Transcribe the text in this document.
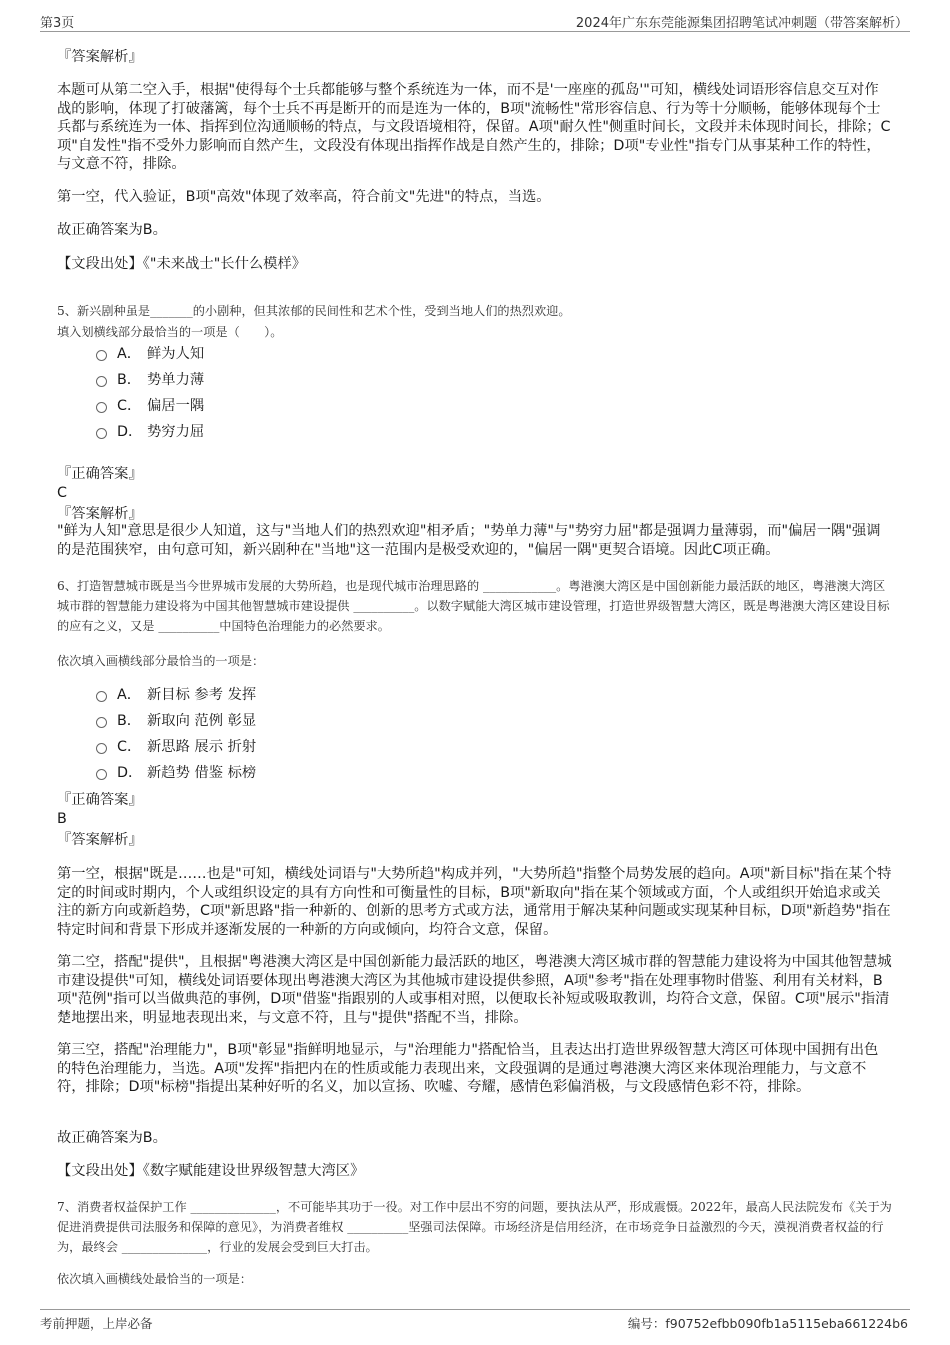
第3页	2024年广东东莞能源集团招聘笔试冲刺题（带答案解析）
『答案解析』
本题可从第二空入手，根据"使得每个士兵都能够与整个系统连为一体，而不是'一座座的孤岛'"可知，横线处词语形容信息交互对作战的影响，体现了打破藩篱，每个士兵不再是断开的而是连为一体的，B项"流畅性"常形容信息、行为等十分顺畅，能够体现每个士兵都与系统连为一体、指挥到位沟通顺畅的特点，与文段语境相符，保留。A项"耐久性"侧重时间长，文段并未体现时间长，排除；C项"自发性"指不受外力影响而自然产生，文段没有体现出指挥作战是自然产生的，排除；D项"专业性"指专门从事某种工作的特性，与文意不符，排除。
第一空，代入验证，B项"高效"体现了效率高，符合前文"先进"的特点，当选。
故正确答案为B。
【文段出处】《"未来战士"长什么模样》
5、新兴剧种虽是_______的小剧种，但其浓郁的民间性和艺术个性，受到当地人们的热烈欢迎。
填入划横线部分最恰当的一项是（　　）。
A． 鲜为人知
B． 势单力薄
C． 偏居一隅
D． 势穷力屈
『正确答案』
C
『答案解析』
"鲜为人知"意思是很少人知道，这与"当地人们的热烈欢迎"相矛盾；"势单力薄"与"势穷力屈"都是强调力量薄弱，而"偏居一隅"强调的是范围狭窄，由句意可知，新兴剧种在"当地"这一范围内是极受欢迎的，"偏居一隅"更契合语境。因此C项正确。
6、打造智慧城市既是当今世界城市发展的大势所趋，也是现代城市治理思路的 ____________。粤港澳大湾区是中国创新能力最活跃的地区，粤港澳大湾区城市群的智慧能力建设将为中国其他智慧城市建设提供 __________。以数字赋能大湾区城市建设管理，打造世界级智慧大湾区，既是粤港澳大湾区建设目标的应有之义，又是 __________中国特色治理能力的必然要求。
依次填入画横线部分最恰当的一项是：
A． 新目标 参考 发挥
B． 新取向 范例 彰显
C． 新思路 展示 折射
D． 新趋势 借鉴 标榜
『正确答案』
B
『答案解析』
第一空，根据"既是……也是"可知，横线处词语与"大势所趋"构成并列，"大势所趋"指整个局势发展的趋向。A项"新目标"指在某个特定的时间或时期内，个人或组织设定的具有方向性和可衡量性的目标，B项"新取向"指在某个领域或方面，个人或组织开始追求或关注的新方向或新趋势，C项"新思路"指一种新的、创新的思考方式或方法，通常用于解决某种问题或实现某种目标，D项"新趋势"指在特定时间和背景下形成并逐渐发展的一种新的方向或倾向，均符合文意，保留。
第二空，搭配"提供"，且根据"粤港澳大湾区是中国创新能力最活跃的地区，粤港澳大湾区城市群的智慧能力建设将为中国其他智慧城市建设提供"可知，横线处词语要体现出粤港澳大湾区为其他城市建设提供参照，A项"参考"指在处理事物时借鉴、利用有关材料，B项"范例"指可以当做典范的事例，D项"借鉴"指跟别的人或事相对照，以便取长补短或吸取教训，均符合文意，保留。C项"展示"指清楚地摆出来，明显地表现出来，与文意不符，且与"提供"搭配不当，排除。
第三空，搭配"治理能力"，B项"彰显"指鲜明地显示，与"治理能力"搭配恰当，且表达出打造世界级智慧大湾区可体现中国拥有出色的特色治理能力，当选。A项"发挥"指把内在的性质或能力表现出来，文段强调的是通过粤港澳大湾区来体现治理能力，与文意不符，排除；D项"标榜"指提出某种好听的名义，加以宣扬、吹嘘、夸耀，感情色彩偏消极，与文段感情色彩不符，排除。
故正确答案为B。
【文段出处】《数字赋能建设世界级智慧大湾区》
7、消费者权益保护工作 ______________，不可能毕其功于一役。对工作中层出不穷的问题，要执法从严，形成震慑。2022年，最高人民法院发布《关于为促进消费提供司法服务和保障的意见》，为消费者维权 __________坚强司法保障。市场经济是信用经济，在市场竞争日益激烈的今天，漠视消费者权益的行为，最终会 ______________，行业的发展会受到巨大打击。
依次填入画横线处最恰当的一项是：
考前押题，上岸必备	编号：f90752efbb090fb1a5115eba661224b6
